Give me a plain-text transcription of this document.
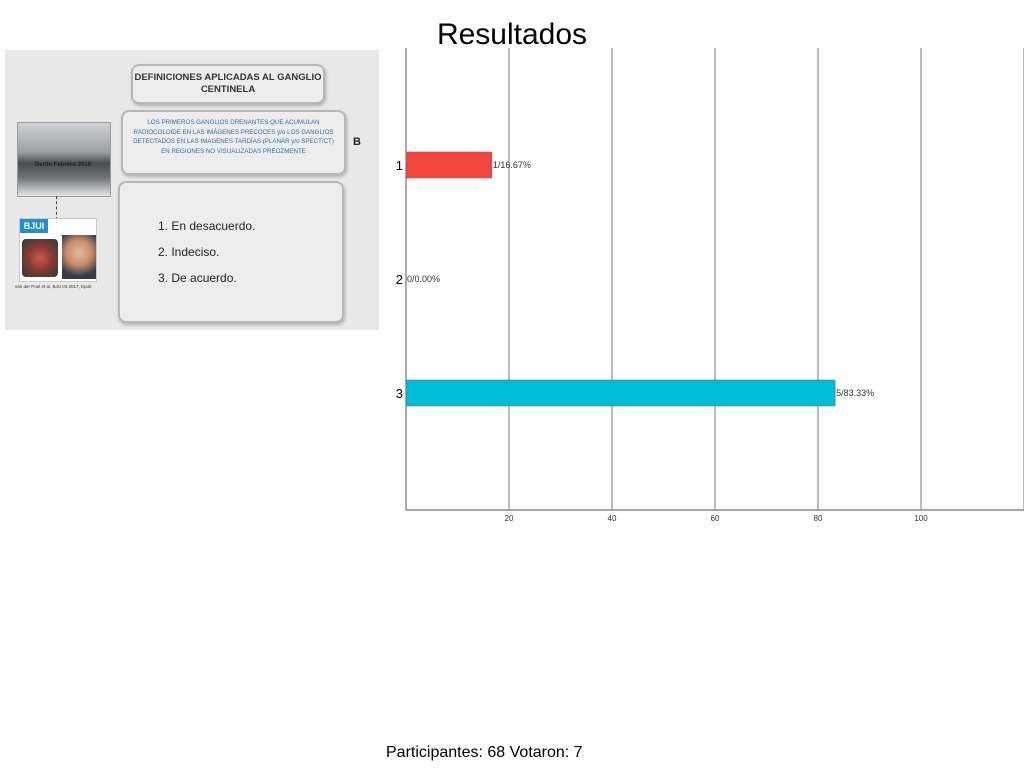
Resultados
DEFINICIONES APLICADAS AL GANGLIO CENTINELA
LOS PRIMEROS GANGLIOS DRENANTES QUE ACUMULAN RADIOCOLOIDE EN LAS IMÁGENES PRECOCES y/o LOS GANGLIOS DETECTADOS EN LAS IMAGENES TARDÍAS (PLANAR y/o SPECT/CT) EN REGIONES NO VISUALIZADAS PREOZMENTE
B
1. En desacuerdo.
2. Indeciso.
3. De acuerdo.
Berlín Febrero 2016
BJUI
van der Poel et al, BJU Int 2017, Epub
20	40	60	80	100
1	1/16.67%
2 0/0.00%
3	5/83.33%
Participantes: 68 Votaron: 7
